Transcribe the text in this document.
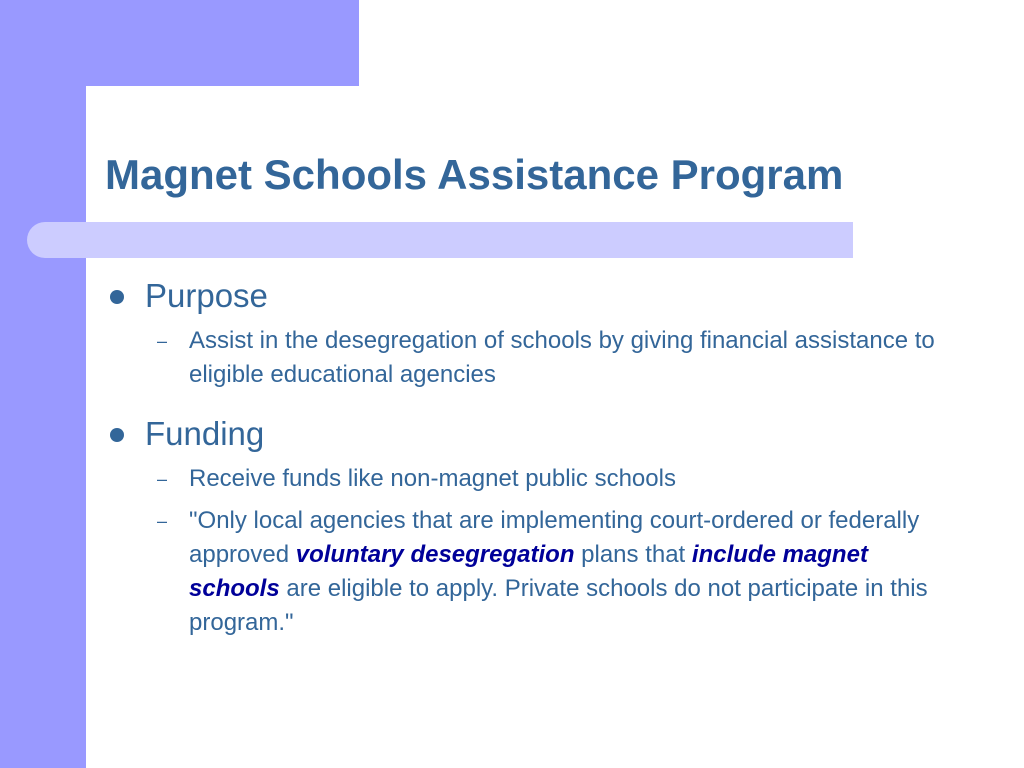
Magnet Schools Assistance Program
Purpose
– Assist in the desegregation of schools by giving financial assistance to eligible educational agencies
Funding
– Receive funds like non-magnet public schools
– "Only local agencies that are implementing court-ordered or federally approved voluntary desegregation plans that include magnet schools are eligible to apply. Private schools do not participate in this program."
